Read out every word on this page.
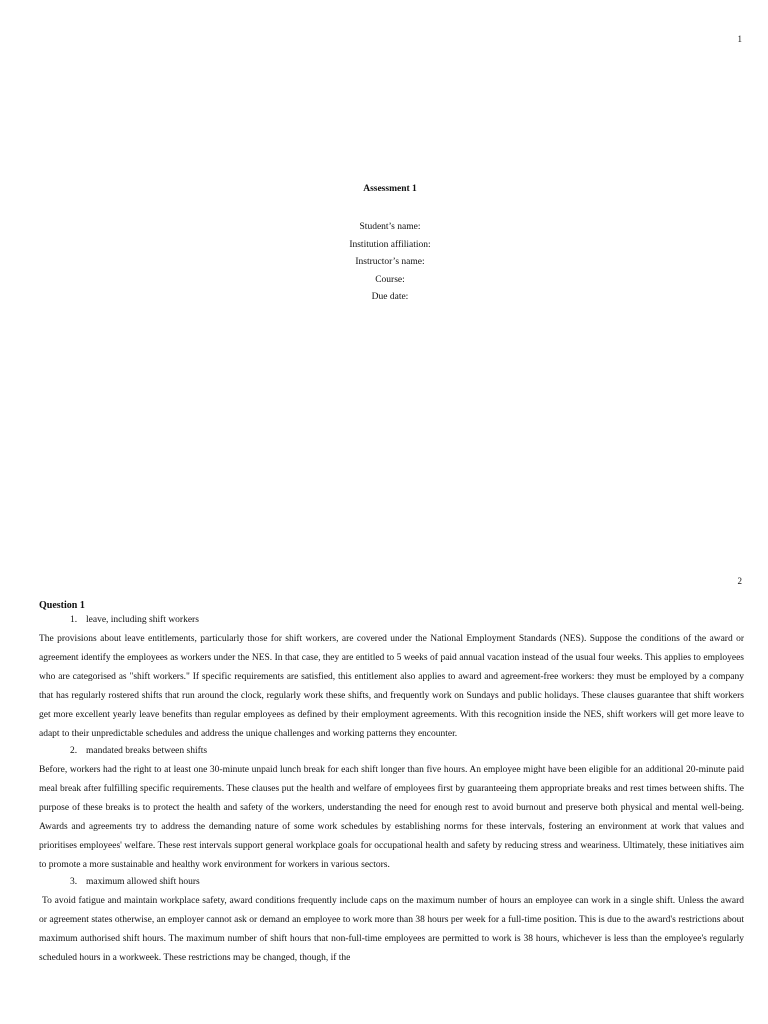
1
Assessment 1
Student’s name:
Institution affiliation:
Instructor’s name:
Course:
Due date:
2
Question 1
1. leave, including shift workers

The provisions about leave entitlements, particularly those for shift workers, are covered under the National Employment Standards (NES). Suppose the conditions of the award or agreement identify the employees as workers under the NES. In that case, they are entitled to 5 weeks of paid annual vacation instead of the usual four weeks. This applies to employees who are categorised as "shift workers." If specific requirements are satisfied, this entitlement also applies to award and agreement-free workers: they must be employed by a company that has regularly rostered shifts that run around the clock, regularly work these shifts, and frequently work on Sundays and public holidays. These clauses guarantee that shift workers get more excellent yearly leave benefits than regular employees as defined by their employment agreements. With this recognition inside the NES, shift workers will get more leave to adapt to their unpredictable schedules and address the unique challenges and working patterns they encounter.

2. mandated breaks between shifts

Before, workers had the right to at least one 30-minute unpaid lunch break for each shift longer than five hours. An employee might have been eligible for an additional 20-minute paid meal break after fulfilling specific requirements. These clauses put the health and welfare of employees first by guaranteeing them appropriate breaks and rest times between shifts. The purpose of these breaks is to protect the health and safety of the workers, understanding the need for enough rest to avoid burnout and preserve both physical and mental well-being. Awards and agreements try to address the demanding nature of some work schedules by establishing norms for these intervals, fostering an environment at work that values and prioritises employees' welfare. These rest intervals support general workplace goals for occupational health and safety by reducing stress and weariness. Ultimately, these initiatives aim to promote a more sustainable and healthy work environment for workers in various sectors.

3. maximum allowed shift hours

To avoid fatigue and maintain workplace safety, award conditions frequently include caps on the maximum number of hours an employee can work in a single shift. Unless the award or agreement states otherwise, an employer cannot ask or demand an employee to work more than 38 hours per week for a full-time position. This is due to the award's restrictions about maximum authorised shift hours. The maximum number of shift hours that non-full-time employees are permitted to work is 38 hours, whichever is less than the employee's regularly scheduled hours in a workweek. These restrictions may be changed, though, if the
